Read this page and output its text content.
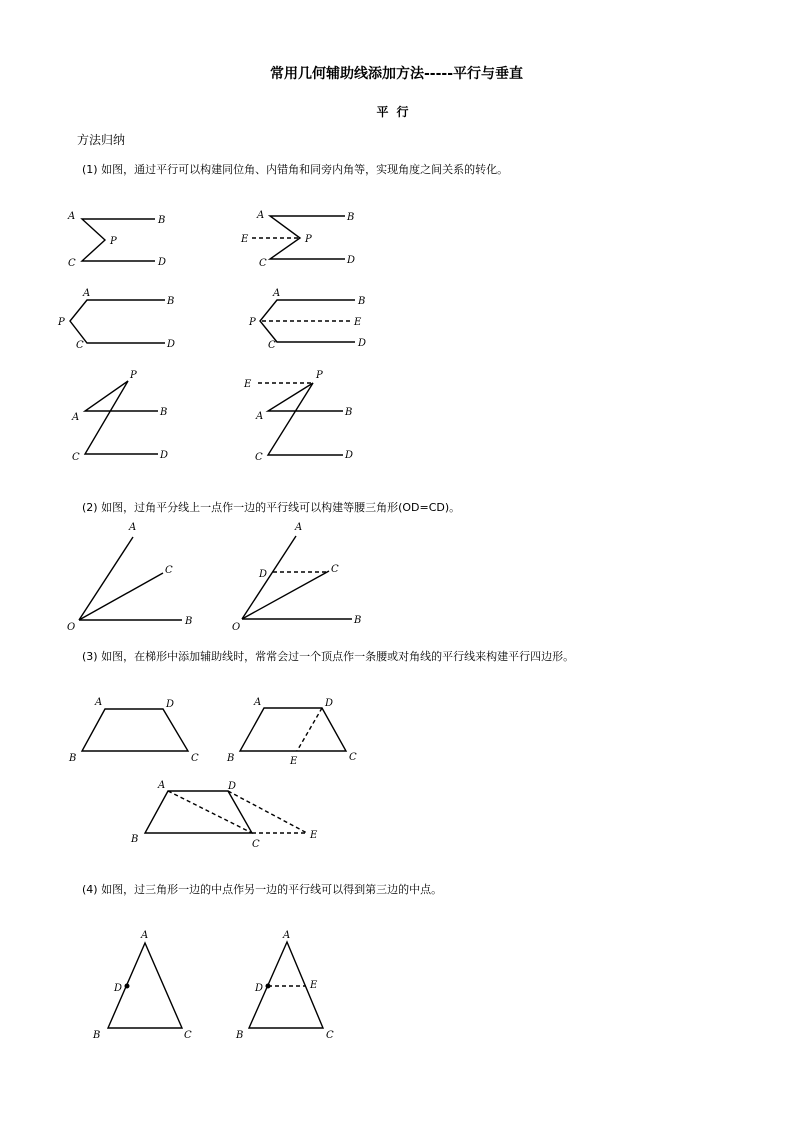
常用几何辅助线添加方法-----平行与垂直
平行
方法归纳
(1) 如图，通过平行可以构建同位角、内错角和同旁内角等，实现角度之间关系的转化。
(2) 如图，过角平分线上一点作一边的平行线可以构建等腰三角形(OD=CD)。
(3) 如图，在梯形中添加辅助线时，常常会过一个顶点作一条腰或对角线的平行线来构建平行四边形。
(4) 如图，过三角形一边的中点作另一边的平行线可以得到第三边的中点。
A	B
P
C	D
A	B
E	P
C	D
A
B
P
C	D
A
B
P	E
C	D
P
A	B
C	D
P
E
A	B
C	D
A
C
B
O
A
D	C
B
O
A	D
B	C
A	D
B	E	C
A	D
B	C
E
A
D
B	C
A
D	E
B	C
